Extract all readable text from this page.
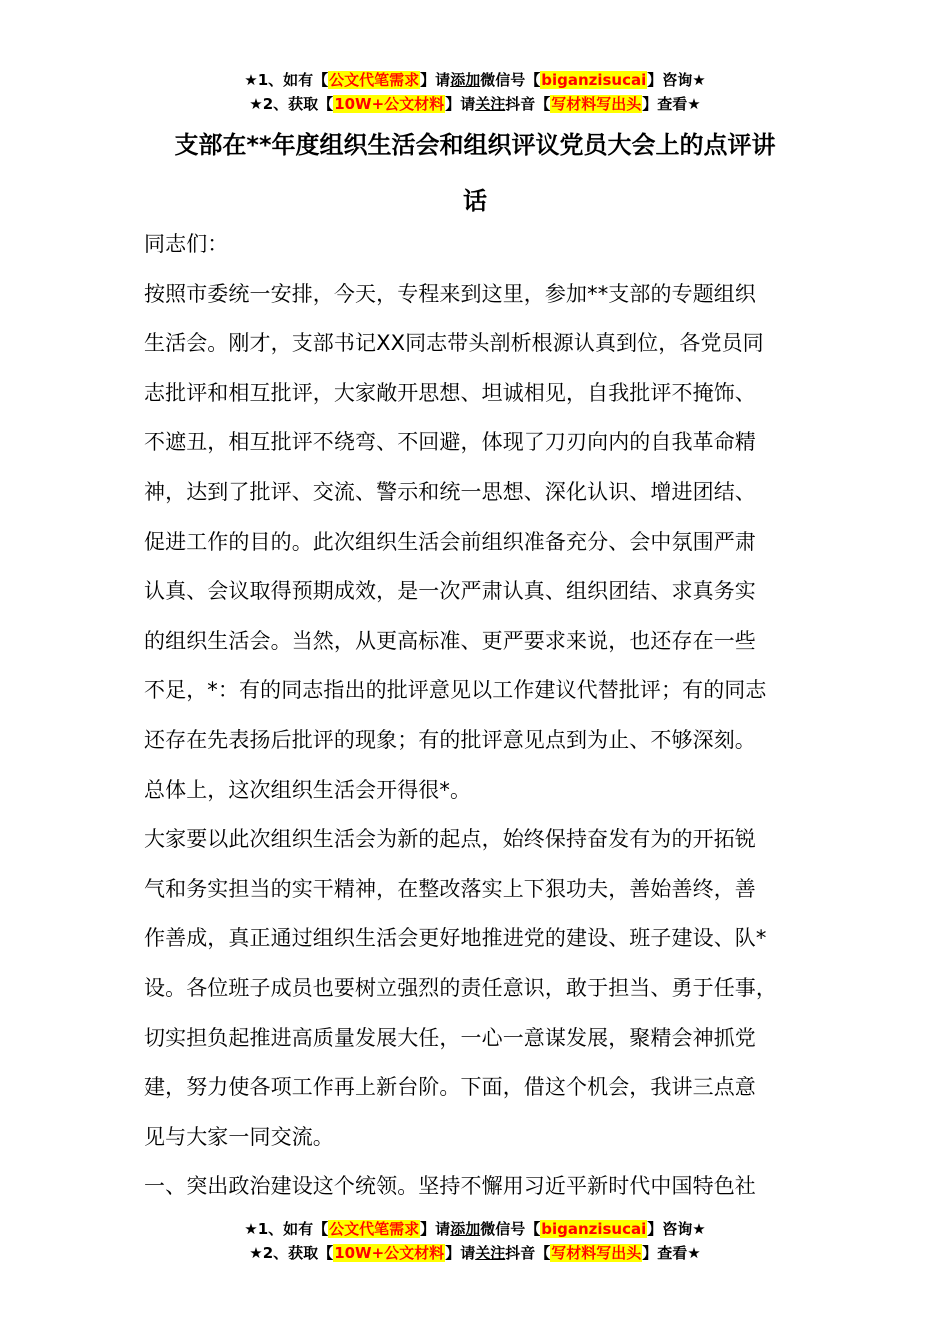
★1、如有【公文代笔需求】请添加微信号【biganzisucai】咨询★
★2、获取【10W+公文材料】请关注抖音【写材料写出头】查看★
支部在**年度组织生活会和组织评议党员大会上的点评讲
话
同志们：
按照市委统一安排，今天，专程来到这里，参加**支部的专题组织
生活会。刚才，支部书记XX同志带头剖析根源认真到位，各党员同
志批评和相互批评，大家敞开思想、坦诚相见，自我批评不掩饰、
不遮丑，相互批评不绕弯、不回避，体现了刀刃向内的自我革命精
神，达到了批评、交流、警示和统一思想、深化认识、增进团结、
促进工作的目的。此次组织生活会前组织准备充分、会中氛围严肃
认真、会议取得预期成效，是一次严肃认真、组织团结、求真务实
的组织生活会。当然，从更高标准、更严要求来说，也还存在一些
不足，*：有的同志指出的批评意见以工作建议代替批评；有的同志
还存在先表扬后批评的现象；有的批评意见点到为止、不够深刻。
总体上，这次组织生活会开得很*。
大家要以此次组织生活会为新的起点，始终保持奋发有为的开拓锐
气和务实担当的实干精神，在整改落实上下狠功夫，善始善终，善
作善成，真正通过组织生活会更好地推进党的建设、班子建设、队*
设。各位班子成员也要树立强烈的责任意识，敢于担当、勇于任事，
切实担负起推进高质量发展大任，一心一意谋发展，聚精会神抓党
建，努力使各项工作再上新台阶。下面，借这个机会，我讲三点意
见与大家一同交流。
一、突出政治建设这个统领。坚持不懈用习近平新时代中国特色社
★1、如有【公文代笔需求】请添加微信号【biganzisucai】咨询★
★2、获取【10W+公文材料】请关注抖音【写材料写出头】查看★
